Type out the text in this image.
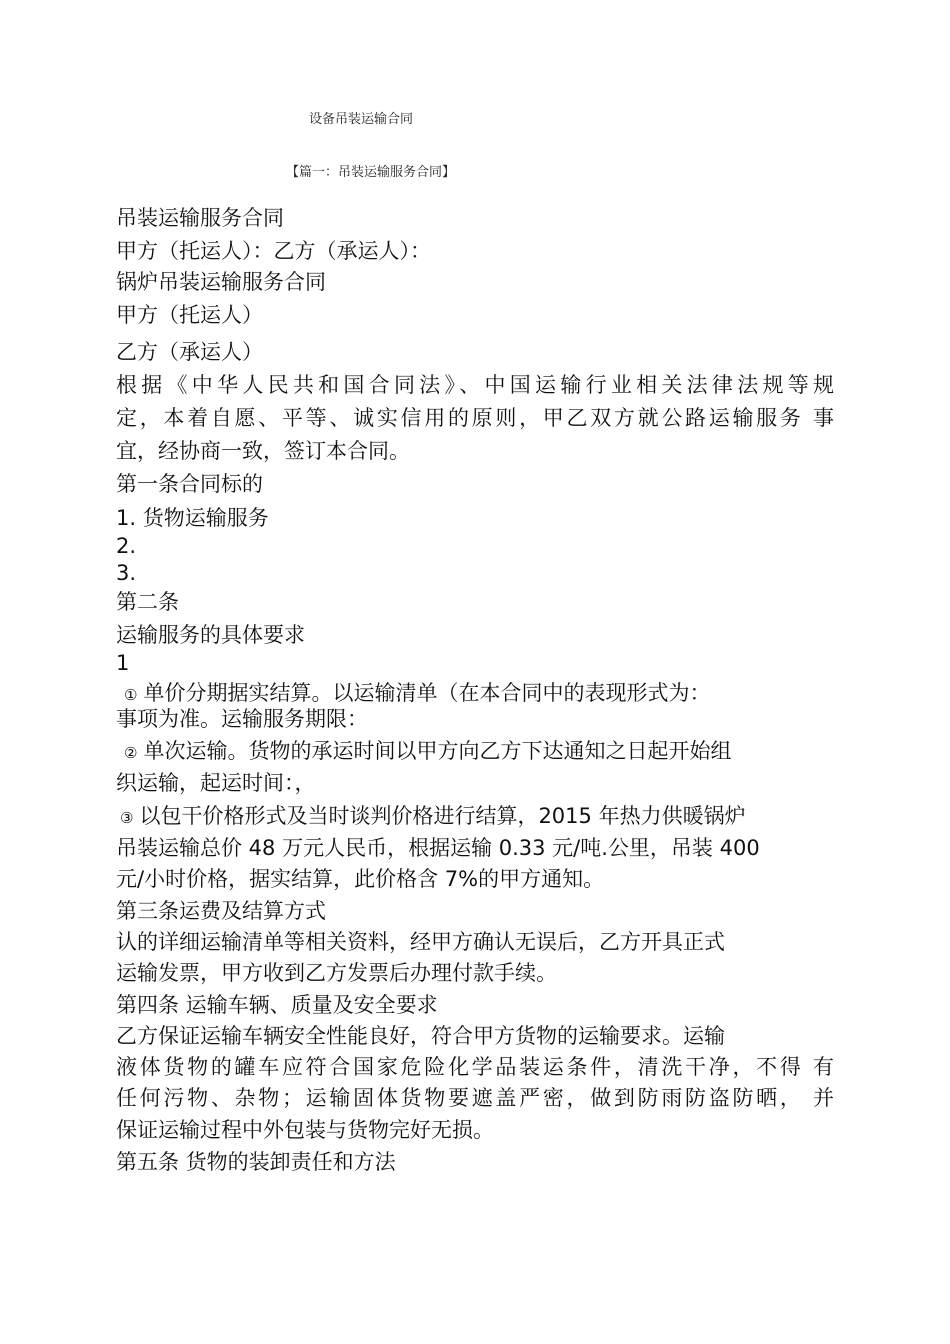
设备吊装运输合同
【篇一：吊装运输服务合同】
吊装运输服务合同
甲方（托运人）：乙方（承运人）：
锅炉吊装运输服务合同
甲方（托运人）
乙方（承运人）
根据《中华人民共和国合同法》、中国运输行业相关法律法规等规
定，本着自愿、平等、诚实信用的原则，甲乙双方就公路运输服务 事
宜，经协商一致，签订本合同。
第一条合同标的
1. 货物运输服务
2.
3.
第二条
运输服务的具体要求
1
① 单价分期据实结算。以运输清单（在本合同中的表现形式为：
事项为准。运输服务期限：
② 单次运输。货物的承运时间以甲方向乙方下达通知之日起开始组
织运输，起运时间：，
③ 以包干价格形式及当时谈判价格进行结算，2015 年热力供暖锅炉
吊装运输总价 48 万元人民币，根据运输 0.33 元/吨.公里，吊装 400
元/小时价格，据实结算，此价格含 7%的甲方通知。
第三条运费及结算方式
认的详细运输清单等相关资料，经甲方确认无误后，乙方开具正式
运输发票，甲方收到乙方发票后办理付款手续。
第四条 运输车辆、质量及安全要求
乙方保证运输车辆安全性能良好，符合甲方货物的运输要求。运输
液体货物的罐车应符合国家危险化学品装运条件，清洗干净，不得 有
任何污物、杂物；运输固体货物要遮盖严密，做到防雨防盗防晒， 并
保证运输过程中外包装与货物完好无损。
第五条 货物的装卸责任和方法
